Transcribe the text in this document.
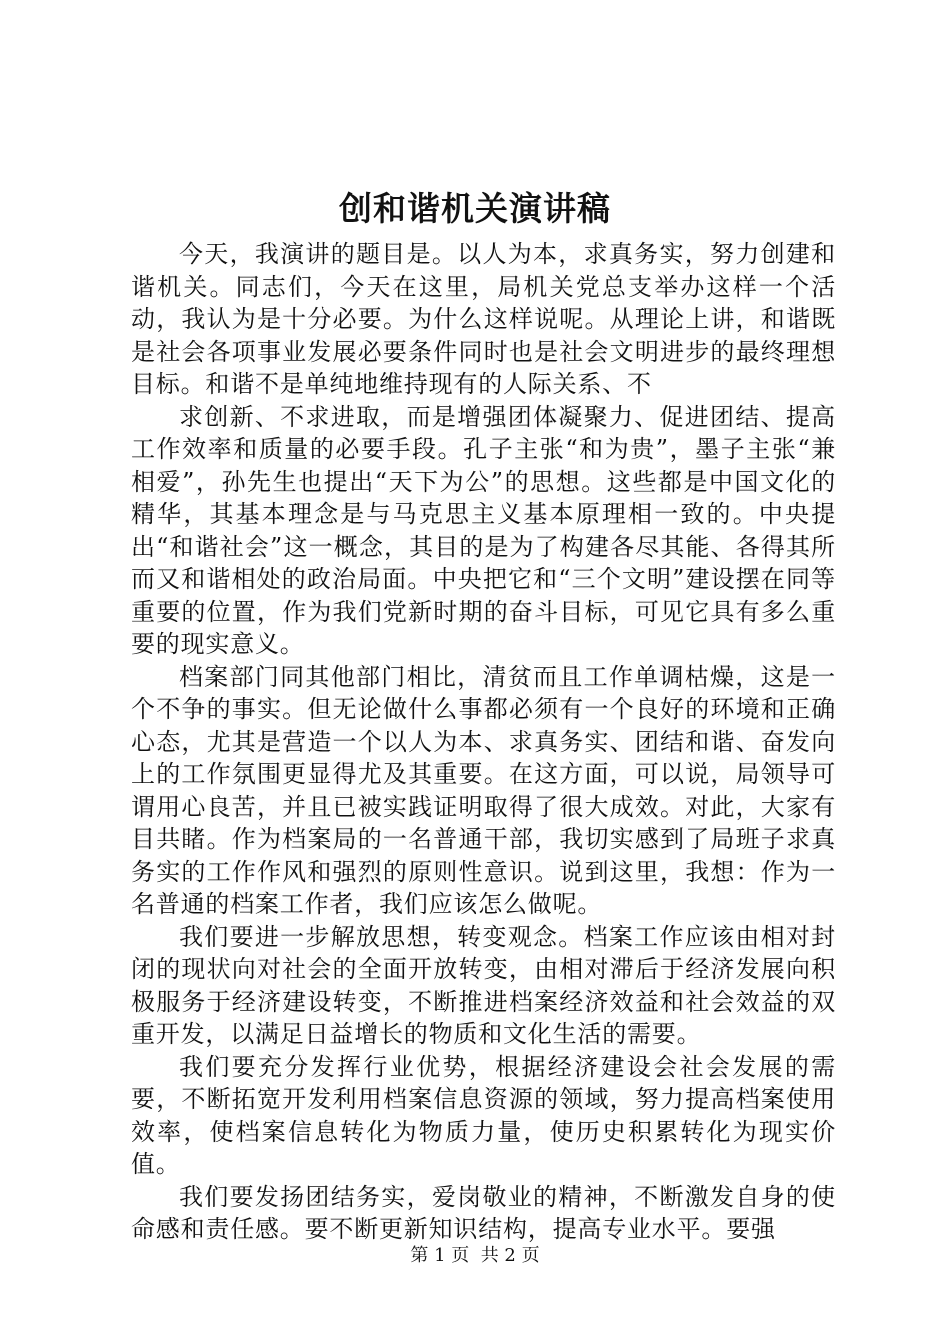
创和谐机关演讲稿

今天，我演讲的题目是。以人为本，求真务实，努力创建和谐机关。同志们，今天在这里，局机关党总支举办这样一个活动，我认为是十分必要。为什么这样说呢。从理论上讲，和谐既是社会各项事业发展必要条件同时也是社会文明进步的最终理想目标。和谐不是单纯地维持现有的人际关系、不

求创新、不求进取，而是增强团体凝聚力、促进团结、提高工作效率和质量的必要手段。孔子主张“和为贵”，墨子主张“兼相爱”，孙先生也提出“天下为公”的思想。这些都是中国文化的精华，其基本理念是与马克思主义基本原理相一致的。中央提出“和谐社会”这一概念，其目的是为了构建各尽其能、各得其所而又和谐相处的政治局面。中央把它和“三个文明”建设摆在同等重要的位置，作为我们党新时期的奋斗目标，可见它具有多么重要的现实意义。

档案部门同其他部门相比，清贫而且工作单调枯燥，这是一个不争的事实。但无论做什么事都必须有一个良好的环境和正确心态，尤其是营造一个以人为本、求真务实、团结和谐、奋发向上的工作氛围更显得尤及其重要。在这方面，可以说，局领导可谓用心良苦，并且已被实践证明取得了很大成效。对此，大家有目共睹。作为档案局的一名普通干部，我切实感到了局班子求真务实的工作作风和强烈的原则性意识。说到这里，我想：作为一名普通的档案工作者，我们应该怎么做呢。

我们要进一步解放思想，转变观念。档案工作应该由相对封闭的现状向对社会的全面开放转变，由相对滞后于经济发展向积极服务于经济建设转变，不断推进档案经济效益和社会效益的双重开发，以满足日益增长的物质和文化生活的需要。

我们要充分发挥行业优势，根据经济建设会社会发展的需要，不断拓宽开发利用档案信息资源的领域，努力提高档案使用效率，使档案信息转化为物质力量，使历史积累转化为现实价值。

我们要发扬团结务实，爱岗敬业的精神，不断激发自身的使命感和责任感。要不断更新知识结构，提高专业水平。要强

第 1 页  共 2 页
